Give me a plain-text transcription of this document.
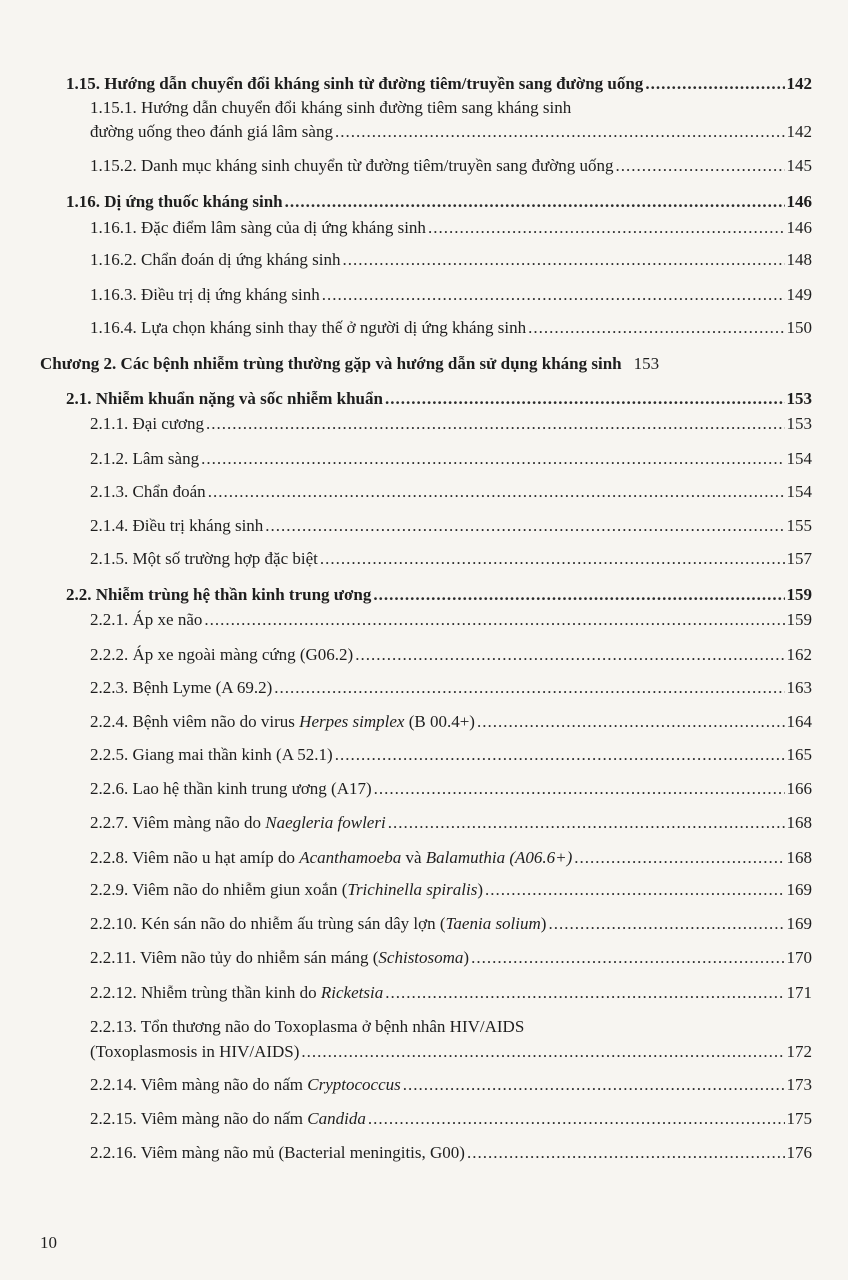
1.15. Hướng dẫn chuyển đổi kháng sinh từ đường tiêm/truyền sang đường uống .....	142
1.15.1. Hướng dẫn chuyển đổi kháng sinh đường tiêm sang kháng sinh
đường uống theo đánh giá lâm sàng .....	142
1.15.2. Danh mục kháng sinh chuyển từ đường tiêm/truyền sang đường uống .....	145
1.16. Dị ứng thuốc kháng sinh .....	146
1.16.1. Đặc điểm lâm sàng của dị ứng kháng sinh .....	146
1.16.2. Chẩn đoán dị ứng kháng sinh .....	148
1.16.3. Điều trị dị ứng kháng sinh .....	149
1.16.4. Lựa chọn kháng sinh thay thế ở người dị ứng kháng sinh .....	150
Chương 2. Các bệnh nhiễm trùng thường gặp và hướng dẫn sử dụng kháng sinh 153
2.1. Nhiễm khuẩn nặng và sốc nhiễm khuẩn .....	153
2.1.1. Đại cương .....	153
2.1.2. Lâm sàng .....	154
2.1.3. Chẩn đoán .....	154
2.1.4. Điều trị kháng sinh .....	155
2.1.5. Một số trường hợp đặc biệt .....	157
2.2. Nhiễm trùng hệ thần kinh trung ương .....	159
2.2.1. Áp xe não .....	159
2.2.2. Áp xe ngoài màng cứng (G06.2) .....	162
2.2.3. Bệnh Lyme (A 69.2) .....	163
2.2.4. Bệnh viêm não do virus Herpes simplex (B 00.4+) .....	164
2.2.5. Giang mai thần kinh (A 52.1) .....	165
2.2.6. Lao hệ thần kinh trung ương (A17) .....	166
2.2.7. Viêm màng não do Naegleria fowleri .....	168
2.2.8. Viêm não u hạt amíp do Acanthamoeba và Balamuthia (A06.6+) .....	168
2.2.9. Viêm não do nhiễm giun xoắn (Trichinella spiralis) .....	169
2.2.10. Kén sán não do nhiễm ấu trùng sán dây lợn (Taenia solium) .....	169
2.2.11. Viêm não tủy do nhiễm sán máng (Schistosoma) .....	170
2.2.12. Nhiễm trùng thần kinh do Ricketsia .....	171
2.2.13. Tổn thương não do Toxoplasma ở bệnh nhân HIV/AIDS
(Toxoplasmosis in HIV/AIDS) .....	172
2.2.14. Viêm màng não do nấm Cryptococcus .....	173
2.2.15. Viêm màng não do nấm Candida .....	175
2.2.16. Viêm màng não mủ (Bacterial meningitis, G00) .....	176
10
